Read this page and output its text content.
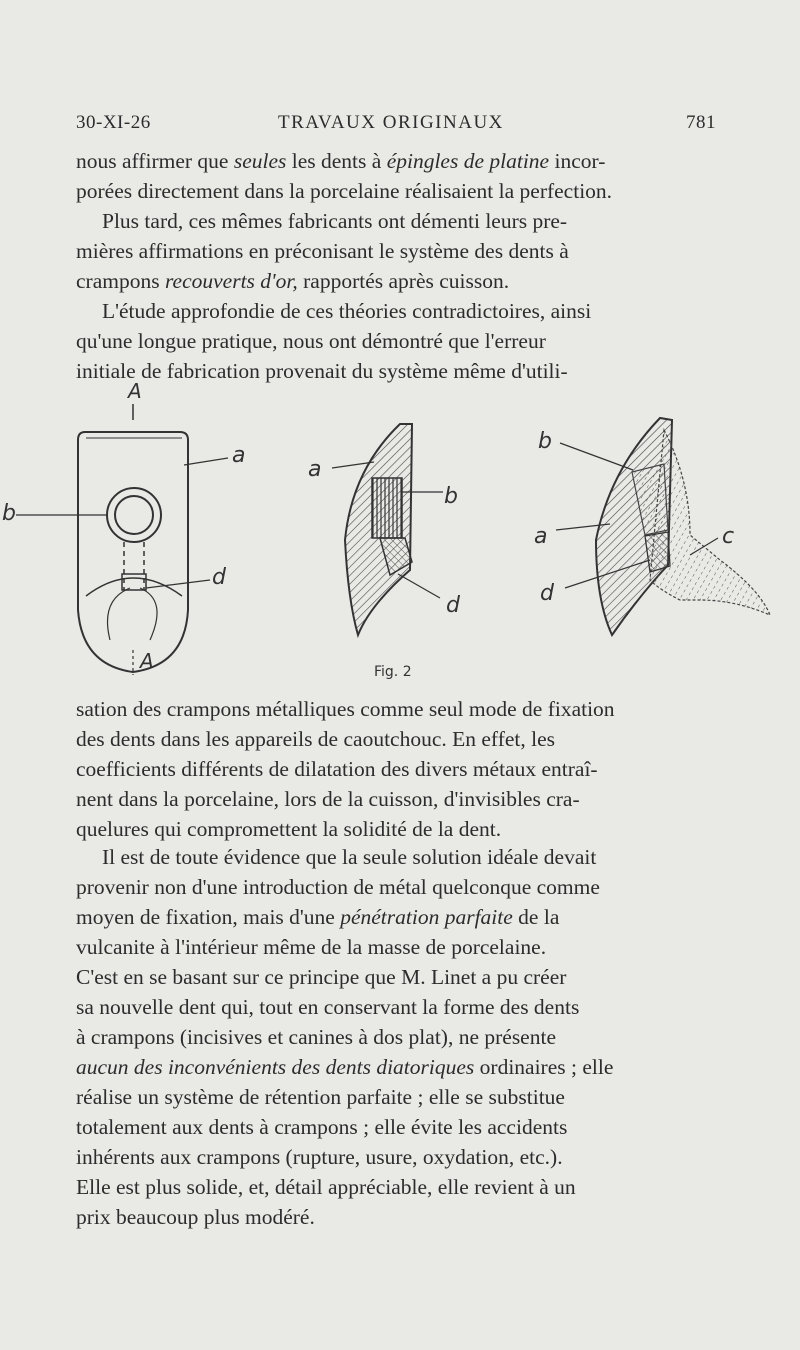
30-XI-26	TRAVAUX ORIGINAUX	781
nous affirmer que seules les dents à épingles de platine incor-
porées directement dans la porcelaine réalisaient la perfection.
Plus tard, ces mêmes fabricants ont démenti leurs pre-
mières affirmations en préconisant le système des dents à
crampons recouverts d'or, rapportés après cuisson.
L'étude approfondie de ces théories contradictoires, ainsi
qu'une longue pratique, nous ont démontré que l'erreur
initiale de fabrication provenait du système même d'utili-
A
A
a
b
d
a
b
d
b
a	c
d
Fig. 2
sation des crampons métalliques comme seul mode de fixation
des dents dans les appareils de caoutchouc. En effet, les
coefficients différents de dilatation des divers métaux entraî-
nent dans la porcelaine, lors de la cuisson, d'invisibles cra-
quelures qui compromettent la solidité de la dent.
Il est de toute évidence que la seule solution idéale devait
provenir non d'une introduction de métal quelconque comme
moyen de fixation, mais d'une pénétration parfaite de la
vulcanite à l'intérieur même de la masse de porcelaine.
C'est en se basant sur ce principe que M. Linet a pu créer
sa nouvelle dent qui, tout en conservant la forme des dents
à crampons (incisives et canines à dos plat), ne présente
aucun des inconvénients des dents diatoriques ordinaires ; elle
réalise un système de rétention parfaite ; elle se substitue
totalement aux dents à crampons ; elle évite les accidents
inhérents aux crampons (rupture, usure, oxydation, etc.).
Elle est plus solide, et, détail appréciable, elle revient à un
prix beaucoup plus modéré.
